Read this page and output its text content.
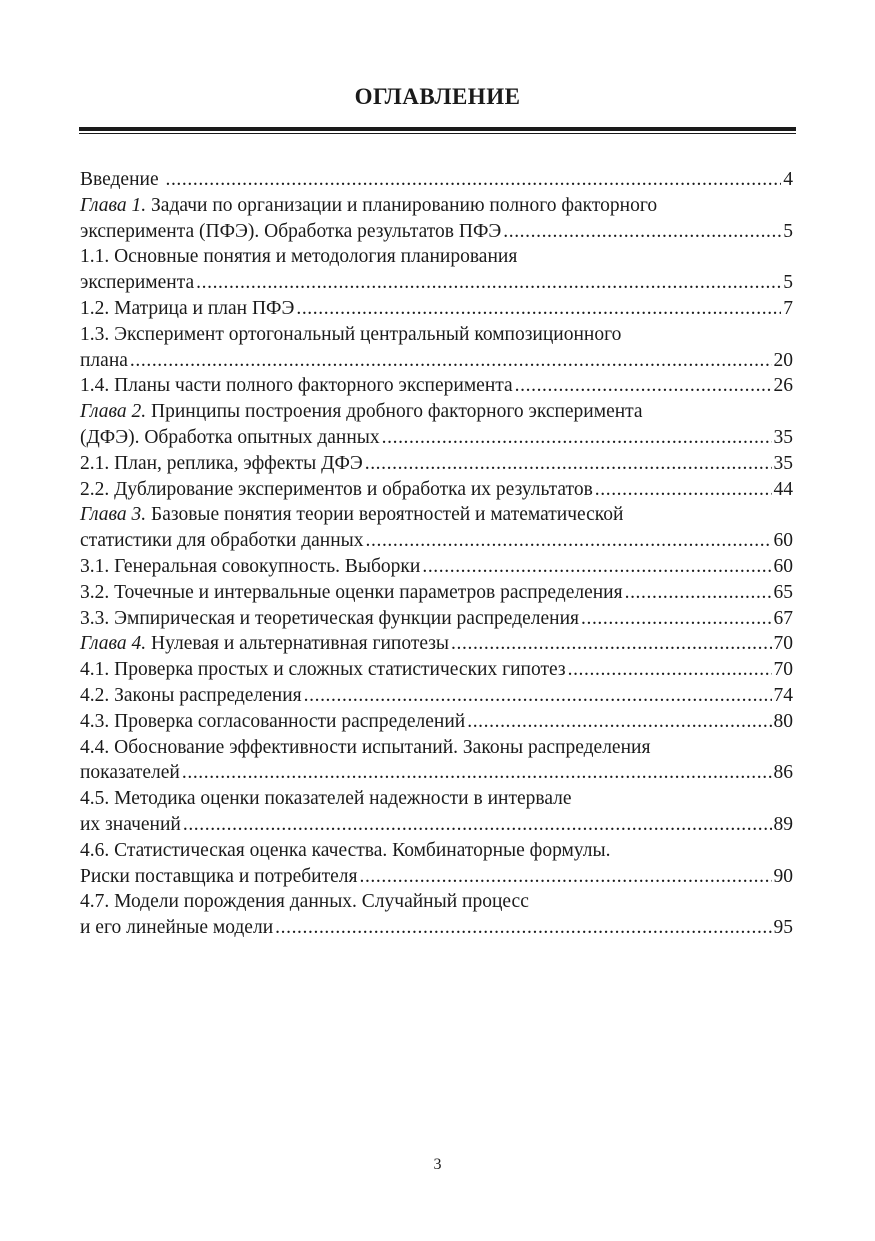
ОГЛАВЛЕНИЕ
Введение .....	4
Глава 1. Задачи по организации и планированию полного факторного
эксперимента (ПФЭ). Обработка результатов ПФЭ .....	5
1.1. Основные понятия и методология планирования
эксперимента .....	5
1.2. Матрица и план ПФЭ .....	7
1.3. Эксперимент ортогональный центральный композиционного
плана .....	20
1.4. Планы части полного факторного эксперимента .....	26
Глава 2. Принципы построения дробного факторного эксперимента
(ДФЭ). Обработка опытных данных .....	35
2.1. План, реплика, эффекты ДФЭ .....	35
2.2. Дублирование экспериментов и обработка их результатов .....	44
Глава 3. Базовые понятия теории вероятностей и математической
статистики для обработки данных .....	60
3.1. Генеральная совокупность. Выборки .....	60
3.2. Точечные и интервальные оценки параметров распределения .....	65
3.3. Эмпирическая и теоретическая функции распределения .....	67
Глава 4. Нулевая и альтернативная гипотезы .....	70
4.1. Проверка простых и сложных статистических гипотез .....	70
4.2. Законы распределения .....	74
4.3. Проверка согласованности распределений .....	80
4.4. Обоснование эффективности испытаний. Законы распределения
показателей .....	86
4.5. Методика оценки показателей надежности в интервале
их значений .....	89
4.6. Статистическая оценка качества. Комбинаторные формулы.
Риски поставщика и потребителя .....	90
4.7. Модели порождения данных. Случайный процесс
и его линейные модели .....	95
3
